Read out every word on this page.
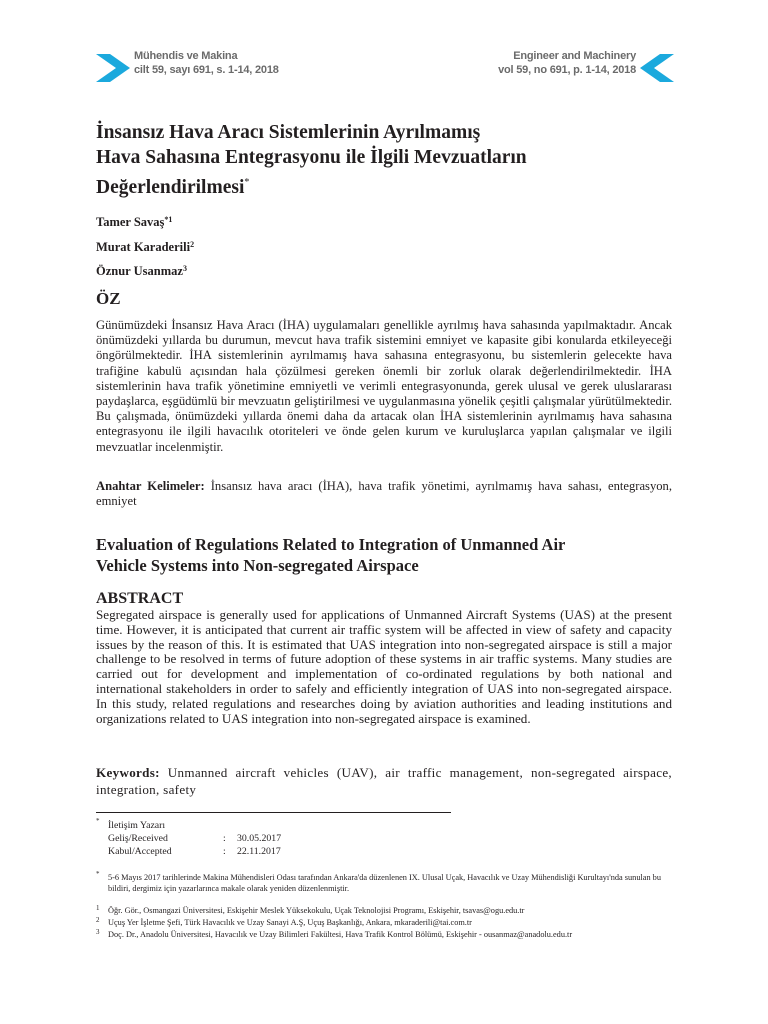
Mühendis ve Makina
cilt 59, sayı 691, s. 1-14, 2018
Engineer and Machinery
vol 59, no 691, p. 1-14, 2018
İnsansız Hava Aracı Sistemlerinin Ayrılmamış
Hava Sahasına Entegrasyonu ile İlgili Mevzuatların
Değerlendirilmesi*
Tamer Savaş$^{*1}$
Murat Karaderili$^2$
Öznur Usanmaz$^3$
ÖZ
Günümüzdeki İnsansız Hava Aracı (İHA) uygulamaları genellikle ayrılmış hava sahasında yapılmaktadır. Ancak önümüzdeki yıllarda bu durumun, mevcut hava trafik sistemini emniyet ve kapasite gibi konularda etkileyeceği öngörülmektedir. İHA sistemlerinin ayrılmamış hava sahasına entegrasyonu, bu sistemlerin gelecekte hava trafiğine kabulü açısından hala çözülmesi gereken önemli bir zorluk olarak değerlendirilmektedir. İHA sistemlerinin hava trafik yönetimine emniyetli ve verimli entegrasyonunda, gerek ulusal ve gerek uluslararası paydaşlarca, eşgüdümlü bir mevzuatın geliştirilmesi ve uygulanmasına yönelik çeşitli çalışmalar yürütülmektedir. Bu çalışmada, önümüzdeki yıllarda önemi daha da artacak olan İHA sistemlerinin ayrılmamış hava sahasına entegrasyonu ile ilgili havacılık otoriteleri ve önde gelen kurum ve kuruluşlarca yapılan çalışmalar ve ilgili mevzuatlar incelenmiştir.
Anahtar Kelimeler: İnsansız hava aracı (İHA), hava trafik yönetimi, ayrılmamış hava sahası, entegrasyon, emniyet
Evaluation of Regulations Related to Integration of Unmanned Air
Vehicle Systems into Non-segregated Airspace
ABSTRACT
Segregated airspace is generally used for applications of Unmanned Aircraft Systems (UAS) at the present time. However, it is anticipated that current air traffic system will be affected in view of safety and capacity issues by the reason of this. It is estimated that UAS integration into non-segregated airspace is still a major challenge to be resolved in terms of future adoption of these systems in air traffic systems. Many studies are carried out for development and implementation of co-ordinated regulations by both national and international stakeholders in order to safely and efficiently integration of UAS into non-segregated airspace. In this study, related regulations and researches doing by aviation authorities and leading institutions and organizations related to UAS integration into non-segregated airspace is examined.
Keywords: Unmanned aircraft vehicles (UAV), air traffic management, non-segregated airspace, integration, safety
* İletişim Yazarı
Geliş/Received	:	30.05.2017
Kabul/Accepted	:	22.11.2017
* 5-6 Mayıs 2017 tarihlerinde Makina Mühendisleri Odası tarafından Ankara'da düzenlenen IX. Ulusal Uçak, Havacılık ve Uzay Mühendisliği Kurultayı'nda sunulan bu bildiri, dergimiz için yazarlarınca makale olarak yeniden düzenlenmiştir.
1 Öğr. Gör., Osmangazi Üniversitesi, Eskişehir Meslek Yüksekokulu, Uçak Teknolojisi Programı, Eskişehir, tsavas@ogu.edu.tr
2 Uçuş Yer İşletme Şefi, Türk Havacılık ve Uzay Sanayi A.Ş, Uçuş Başkanlığı, Ankara, mkaraderili@tai.com.tr
3 Doç. Dr., Anadolu Üniversitesi, Havacılık ve Uzay Bilimleri Fakültesi, Hava Trafik Kontrol Bölümü, Eskişehir - ousanmaz@anadolu.edu.tr
